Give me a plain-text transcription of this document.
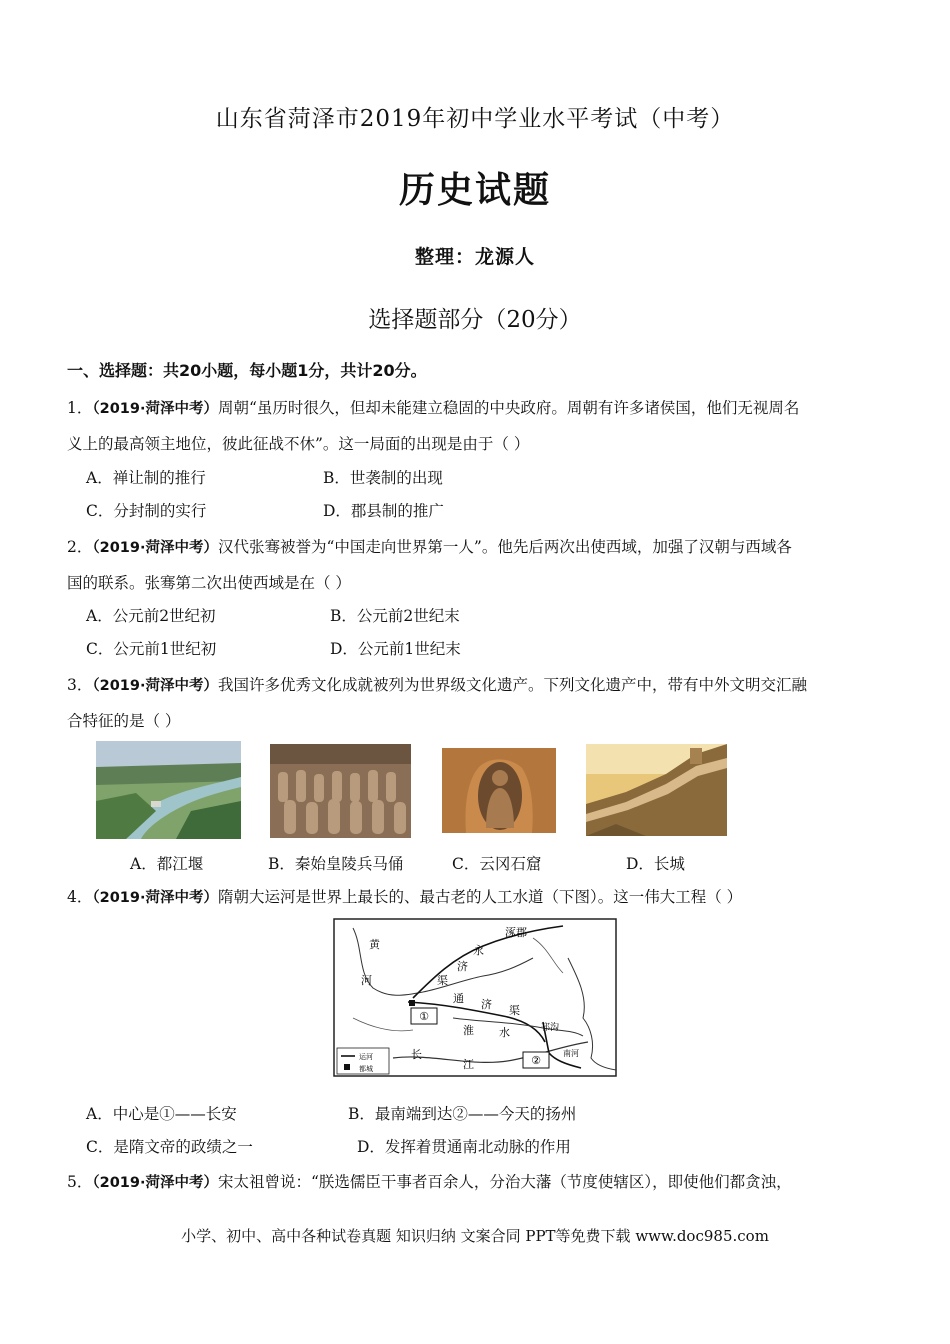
山东省菏泽市2019年初中学业水平考试（中考）
历史试题
整理：龙源人
选择题部分（20分）
一、选择题：共20小题，每小题1分，共计20分。
1．（2019·菏泽中考）周朝“虽历时很久，但却未能建立稳固的中央政府。周朝有许多诸侯国，他们无视周名
义上的最高领主地位，彼此征战不休”。这一局面的出现是由于（ ）
A．禅让制的推行	B．世袭制的出现
C．分封制的实行	D．郡县制的推广
2．（2019·菏泽中考）汉代张骞被誉为“中国走向世界第一人”。他先后两次出使西域，加强了汉朝与西域各
国的联系。张骞第二次出使西域是在（ ）
A．公元前2世纪初	B．公元前2世纪末
C．公元前1世纪初	D．公元前1世纪末
3．（2019·菏泽中考）我国许多优秀文化成就被列为世界级文化遗产。下列文化遗产中，带有中外文明交汇融
合特征的是（ ）
A．都江堰	B．秦始皇陵兵马俑	C．云冈石窟	D．长城
4．（2019·菏泽中考）隋朝大运河是世界上最长的、最古老的人工水道（下图）。这一伟大工程（ ）
①
②
黄
河
涿郡
永
济
渠
通 济 渠
淮 水
长
江
邗沟
南河
运河
都城
A．中心是①——长安	B．最南端到达②——今天的扬州
C．是隋文帝的政绩之一	D．发挥着贯通南北动脉的作用
5．（2019·菏泽中考）宋太祖曾说：“朕选儒臣干事者百余人，分治大藩（节度使辖区），即使他们都贪浊，
小学、初中、高中各种试卷真题 知识归纳 文案合同 PPT等免费下载 www.doc985.com
